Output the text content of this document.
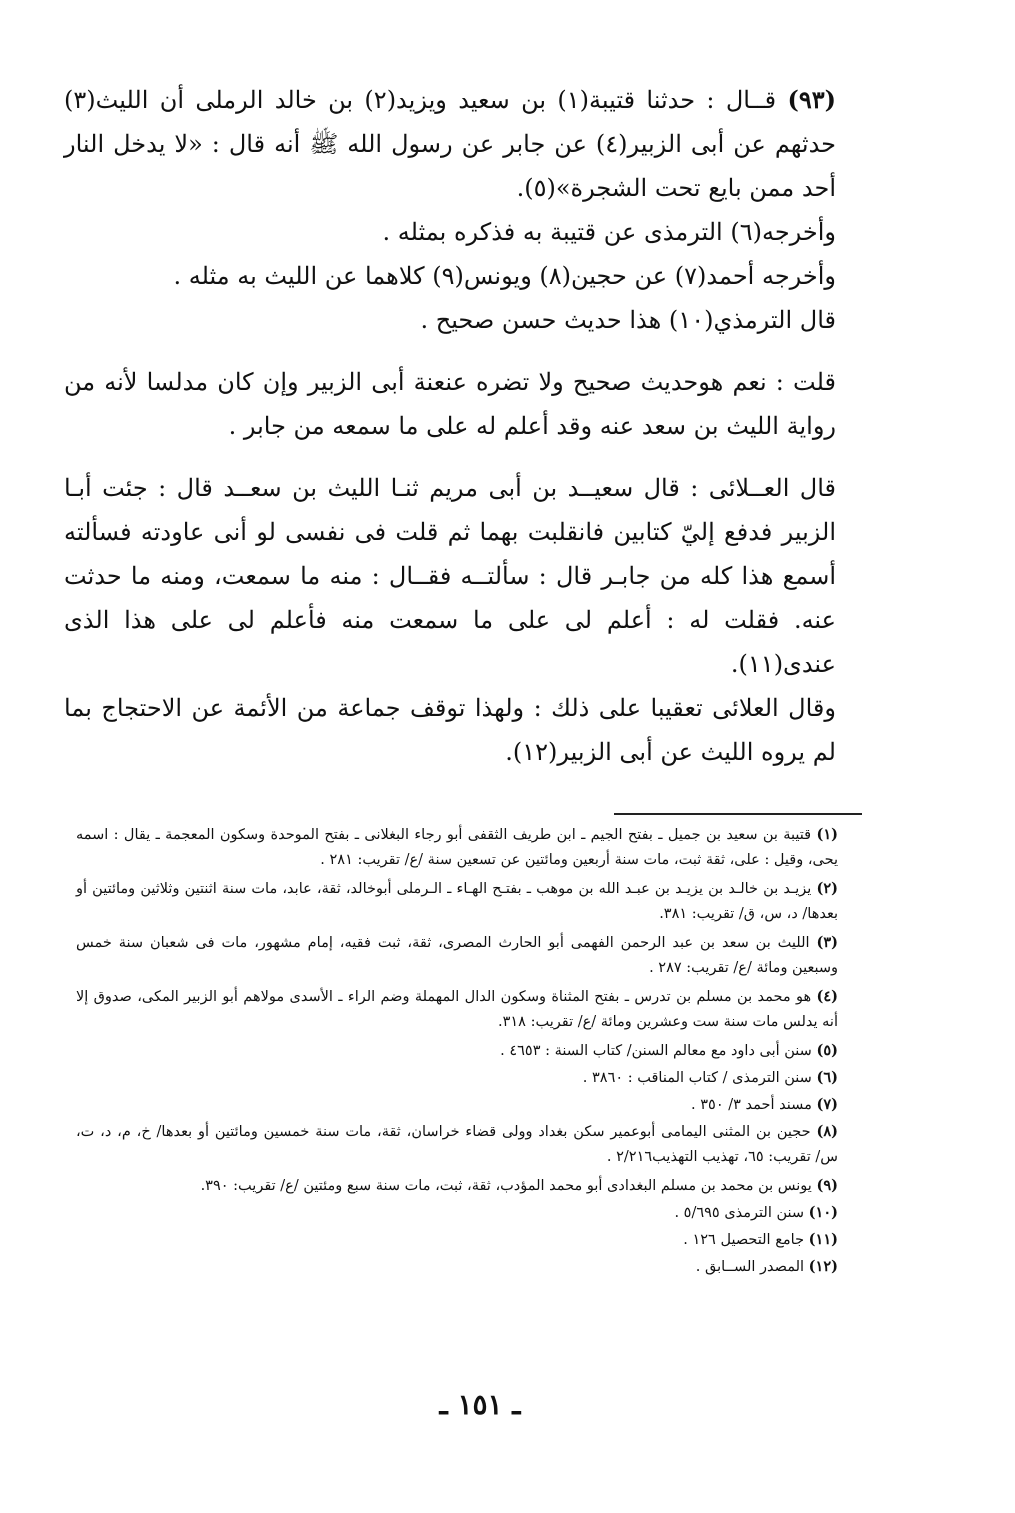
(٩٣) قــال : حدثنا قتيبة(١) بن سعيد ويزيد(٢) بن خالد الرملى أن الليث(٣) حدثهم عن أبى الزبير(٤) عن جابر عن رسول الله ﷺ أنه قال : «لا يدخل النار أحد ممن بايع تحت الشجرة»(٥).

وأخرجه(٦) الترمذى عن قتيبة به فذكره بمثله .

وأخرجه أحمد(٧) عن حجين(٨) ويونس(٩) كلاهما عن الليث به مثله .

قال الترمذي(١٠) هذا حديث حسن صحيح .

قلت : نعم هوحديث صحيح ولا تضره عنعنة أبى الزبير وإن كان مدلسا لأنه من رواية الليث بن سعد عنه وقد أعلم له على ما سمعه من جابر .

قال العــلائى : قال سعيــد بن أبى مريم ثنـا الليث بن سعــد قال : جئت أبـا الزبير فدفع إليّ كتابين فانقلبت بهما ثم قلت فى نفسى لو أنى عاودته فسألته أسمع هذا كله من جابـر قال : سألتــه فقــال : منه ما سمعت، ومنه ما حدثت عنه. فقلت له : أعلم لى على ما سمعت منه فأعلم لى على هذا الذى عندى(١١).

وقال العلائى تعقيبا على ذلك : ولهذا توقف جماعة من الأئمة عن الاحتجاج بما لم يروه الليث عن أبى الزبير(١٢).

(١) قتيبة بن سعيد بن جميل ـ بفتح الجيم ـ ابن طريف الثقفى أبو رجاء البغلانى ـ بفتح الموحدة وسكون المعجمة ـ يقال : اسمه يحى، وقيل : على، ثقة ثبت، مات سنة أربعين ومائتين عن تسعين سنة /ع/ تقريب: ٢٨١ .

(٢) يزيـد بن خالـد بن يزيـد بن عبـد الله بن موهب ـ بفتـح الهـاء ـ الـرملى أبوخالد، ثقة، عابد، مات سنة اثنتين وثلاثين ومائتين أو بعدها/ د، س، ق/ تقريب: ٣٨١.

(٣) الليث بن سعد بن عبد الرحمن الفهمى أبو الحارث المصرى، ثقة، ثبت فقيه، إمام مشهور، مات فى شعبان سنة خمس وسبعين ومائة /ع/ تقريب: ٢٨٧ .

(٤) هو محمد بن مسلم بن تدرس ـ بفتح المثناة وسكون الدال المهملة وضم الراء ـ الأسدى مولاهم أبو الزبير المكى، صدوق إلا أنه يدلس مات سنة ست وعشرين ومائة /ع/ تقريب: ٣١٨.

(٥) سنن أبى داود مع معالم السنن/ كتاب السنة : ٤٦٥٣ .

(٦) سنن الترمذى / كتاب المناقب : ٣٨٦٠ .

(٧) مسند أحمد ٣/ ٣٥٠ .

(٨) حجين بن المثنى اليمامى أبوعمير سكن بغداد وولى قضاء خراسان، ثقة، مات سنة خمسين ومائتين أو بعدها/ خ، م، د، ت، س/ تقريب: ٦٥، تهذيب التهذيب٢/٢١٦ .

(٩) يونس بن محمد بن مسلم البغدادى أبو محمد المؤدب، ثقة، ثبت، مات سنة سبع ومئتين /ع/ تقريب: ٣٩٠.

(١٠) سنن الترمذى ٥/٦٩٥ .

(١١) جامع التحصيل ١٢٦ .

(١٢) المصدر الســابق .

ـ ١٥١ ـ
